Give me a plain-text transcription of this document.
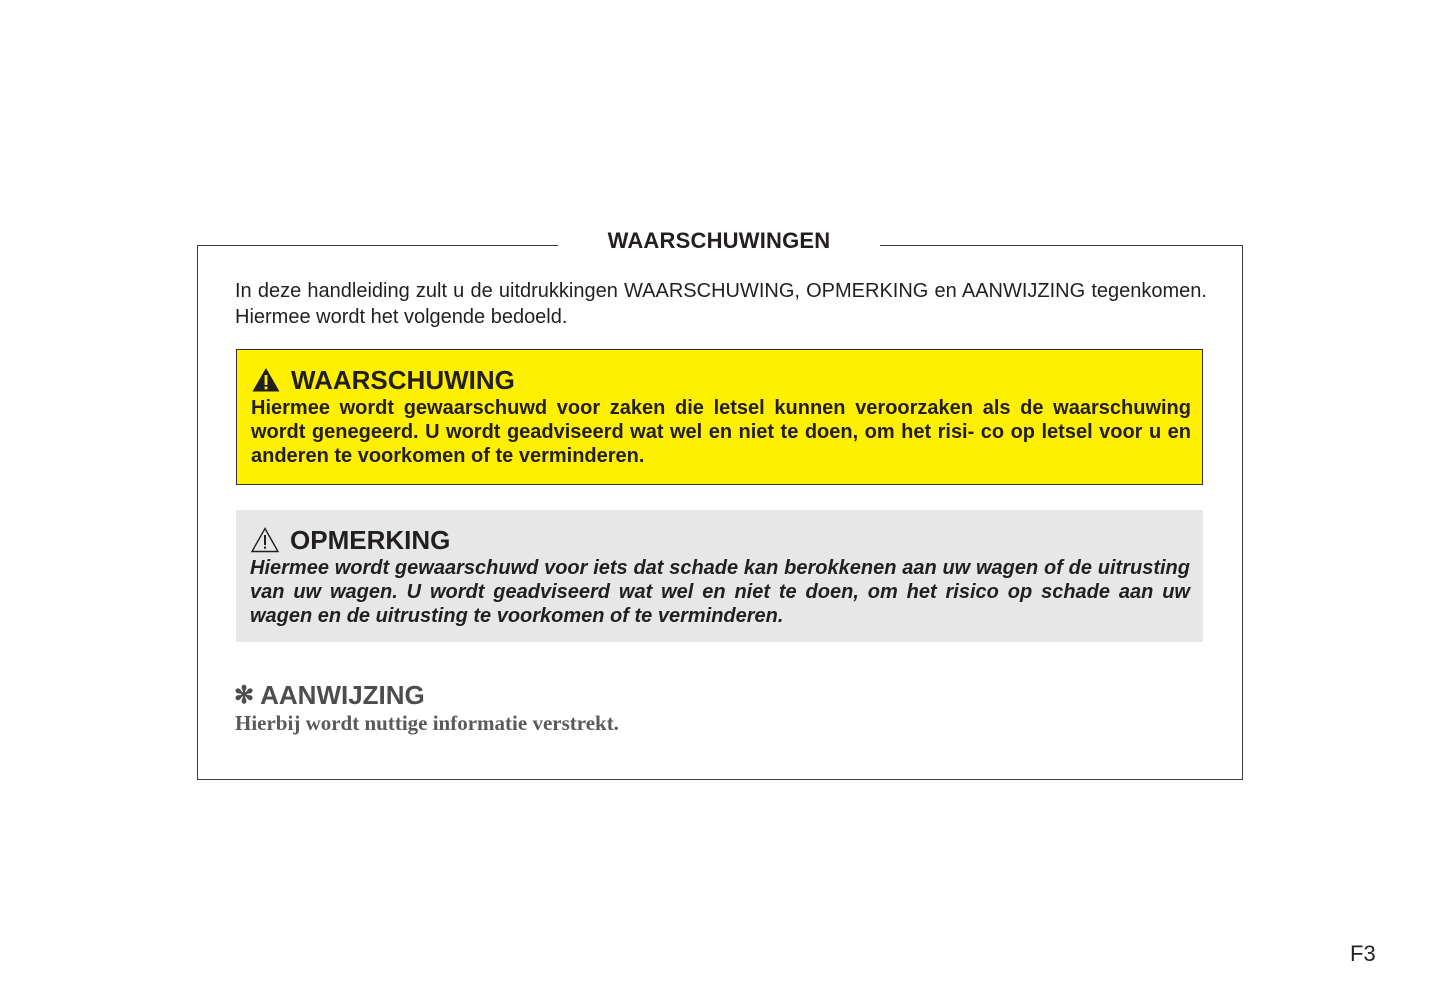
WAARSCHUWINGEN
In deze handleiding zult u de uitdrukkingen WAARSCHUWING, OPMERKING en AANWIJZING tegenkomen. Hiermee wordt het volgende bedoeld.
WAARSCHUWING
Hiermee wordt gewaarschuwd voor zaken die letsel kunnen veroorzaken als de waarschuwing wordt genegeerd. U wordt geadviseerd wat wel en niet te doen, om het risi- co op letsel voor u en anderen te voorkomen of te verminderen.
OPMERKING
Hiermee wordt gewaarschuwd voor iets dat schade kan berokkenen aan uw wagen of de uitrusting van uw wagen. U wordt geadviseerd wat wel en niet te doen, om het risico op schade aan uw wagen en de uitrusting te voorkomen of te verminderen.
✻ AANWIJZING
Hierbij wordt nuttige informatie verstrekt.
F3
